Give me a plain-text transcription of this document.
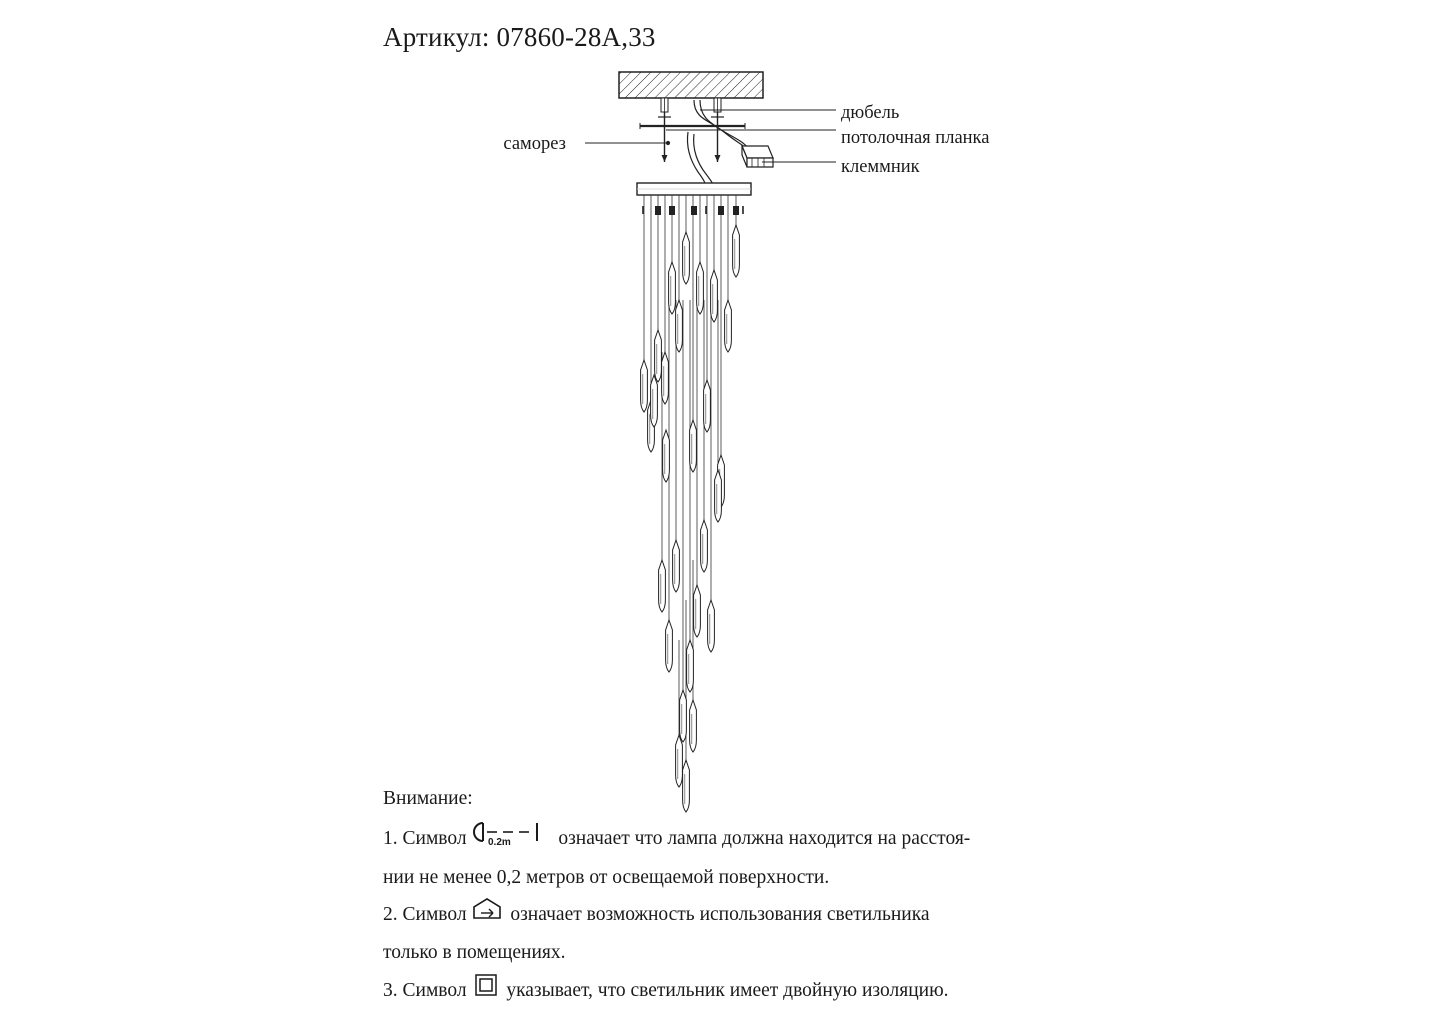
Артикул: 07860-28A,33
саморез
дюбель
потолочная планка
клеммник
Внимание:

1. Символ 0.2m означает что лампа должна находится на расстоя-

нии не менее 0,2 метров от освещаемой поверхности.

2. Символ означает возможность использования светильника

только в помещениях.

3. Символ указывает, что светильник имеет двойную изоляцию.
